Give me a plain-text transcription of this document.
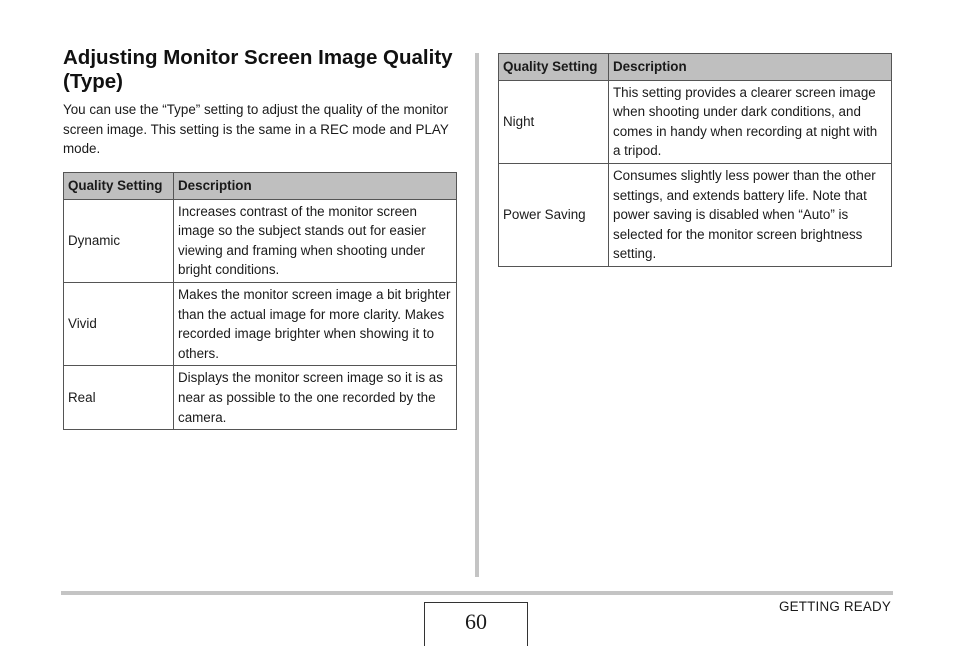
Adjusting Monitor Screen Image Quality (Type)

You can use the “Type” setting to adjust the quality of the monitor screen image. This setting is the same in a REC mode and PLAY mode.

Quality Setting	Description
Dynamic	Increases contrast of the monitor screen image so the subject stands out for easier viewing and framing when shooting under bright conditions.
Vivid	Makes the monitor screen image a bit brighter than the actual image for more clarity. Makes recorded image brighter when showing it to others.
Real	Displays the monitor screen image so it is as near as possible to the one recorded by the camera.
Quality Setting	Description
Night	This setting provides a clearer screen image when shooting under dark conditions, and comes in handy when recording at night with a tripod.
Power Saving	Consumes slightly less power than the other settings, and extends battery life. Note that power saving is disabled when “Auto” is selected for the monitor screen brightness setting.
60
GETTING READY
